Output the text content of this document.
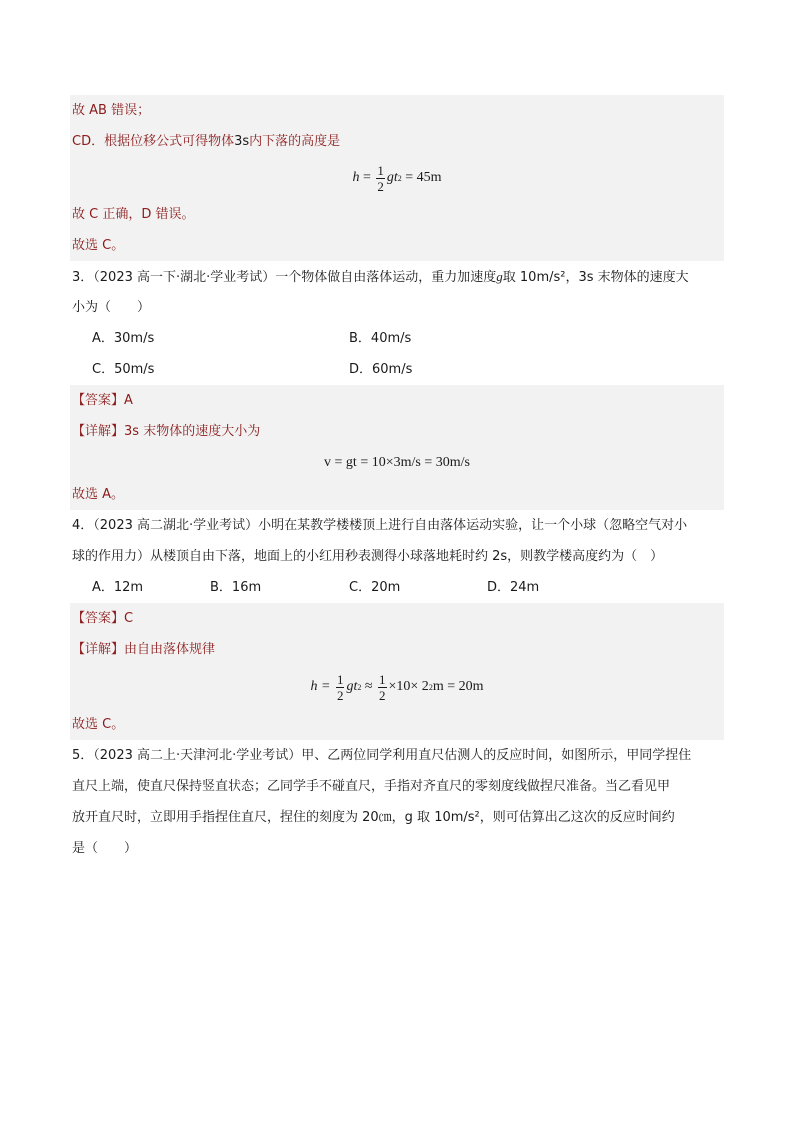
故 AB 错误；
CD．根据位移公式可得物体3s内下落的高度是
$h = \frac{1}{2}$ gt 2
= 45m
故 C 正确，D 错误。
故选 C。
3．（2023 高一下·湖北·学业考试）一个物体做自由落体运动，重力加速度g取 10m/s²，3s 末物体的速度大
小为（　　）
A．30m/s	B．40m/s
C．50m/s	D．60m/s
【答案】A
【详解】3s 末物体的速度大小为
v = gt = 10×3m/s = 30m/s
故选 A。
4．（2023 高二湖北·学业考试）小明在某教学楼楼顶上进行自由落体运动实验，让一个小球（忽略空气对小
球的作用力）从楼顶自由下落，地面上的小红用秒表测得小球落地耗时约 2s，则教学楼高度约为（　）
A．12m	B．16m	C．20m	D．24m
【答案】C
【详解】由自由落体规律
h =
$\frac{1}{2}$ gt 2
≈
$\frac{1}{2} \times 10\times 2$ 2 m = 20m
故选 C。
5．（2023 高二上·天津河北·学业考试）甲、乙两位同学利用直尺估测人的反应时间，如图所示，甲同学捏住
直尺上端，使直尺保持竖直状态；乙同学手不碰直尺，手指对齐直尺的零刻度线做捏尺准备。当乙看见甲
放开直尺时，立即用手指捏住直尺，捏住的刻度为 20㎝，g 取 10m/s²，则可估算出乙这次的反应时间约
是（　　）
